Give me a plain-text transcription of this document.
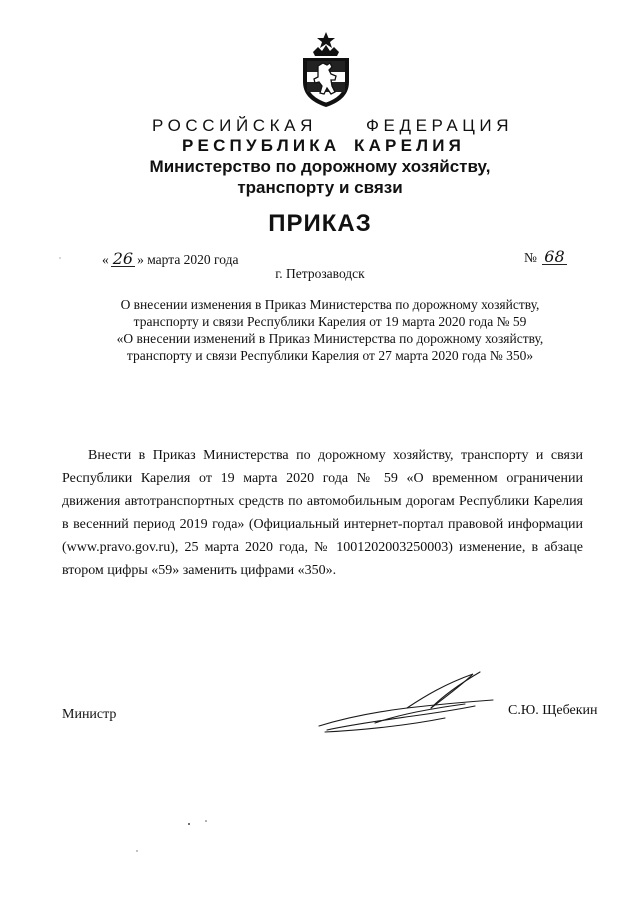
РОССИЙСКАЯ	ФЕДЕРАЦИЯ
РЕСПУБЛИКА КАРЕЛИЯ
Министерство по дорожному хозяйству,
транспорту и связи
ПРИКАЗ
« 26 » марта 2020 года	№ 68
г. Петрозаводск

О внесении изменения в Приказ Министерства по дорожному хозяйству,

транспорту и связи Республики Карелия от 19 марта 2020 года № 59

«О внесении изменений в Приказ Министерства по дорожному хозяйству,

транспорту и связи Республики Карелия от 27 марта 2020 года № 350»

Внести в Приказ Министерства по дорожному хозяйству, транспорту и связи Республики Карелия от 19 марта 2020 года № 59 «О временном ограничении движения автотранспортных средств по автомобильным дорогам Республики Карелия в весенний период 2019 года» (Официальный интернет-портал правовой информации (www.pravo.gov.ru), 25 марта 2020 года, № 1001202003250003) изменение, в абзаце втором цифры «59» заменить цифрами «350».

Министр	С.Ю. Щебекин
